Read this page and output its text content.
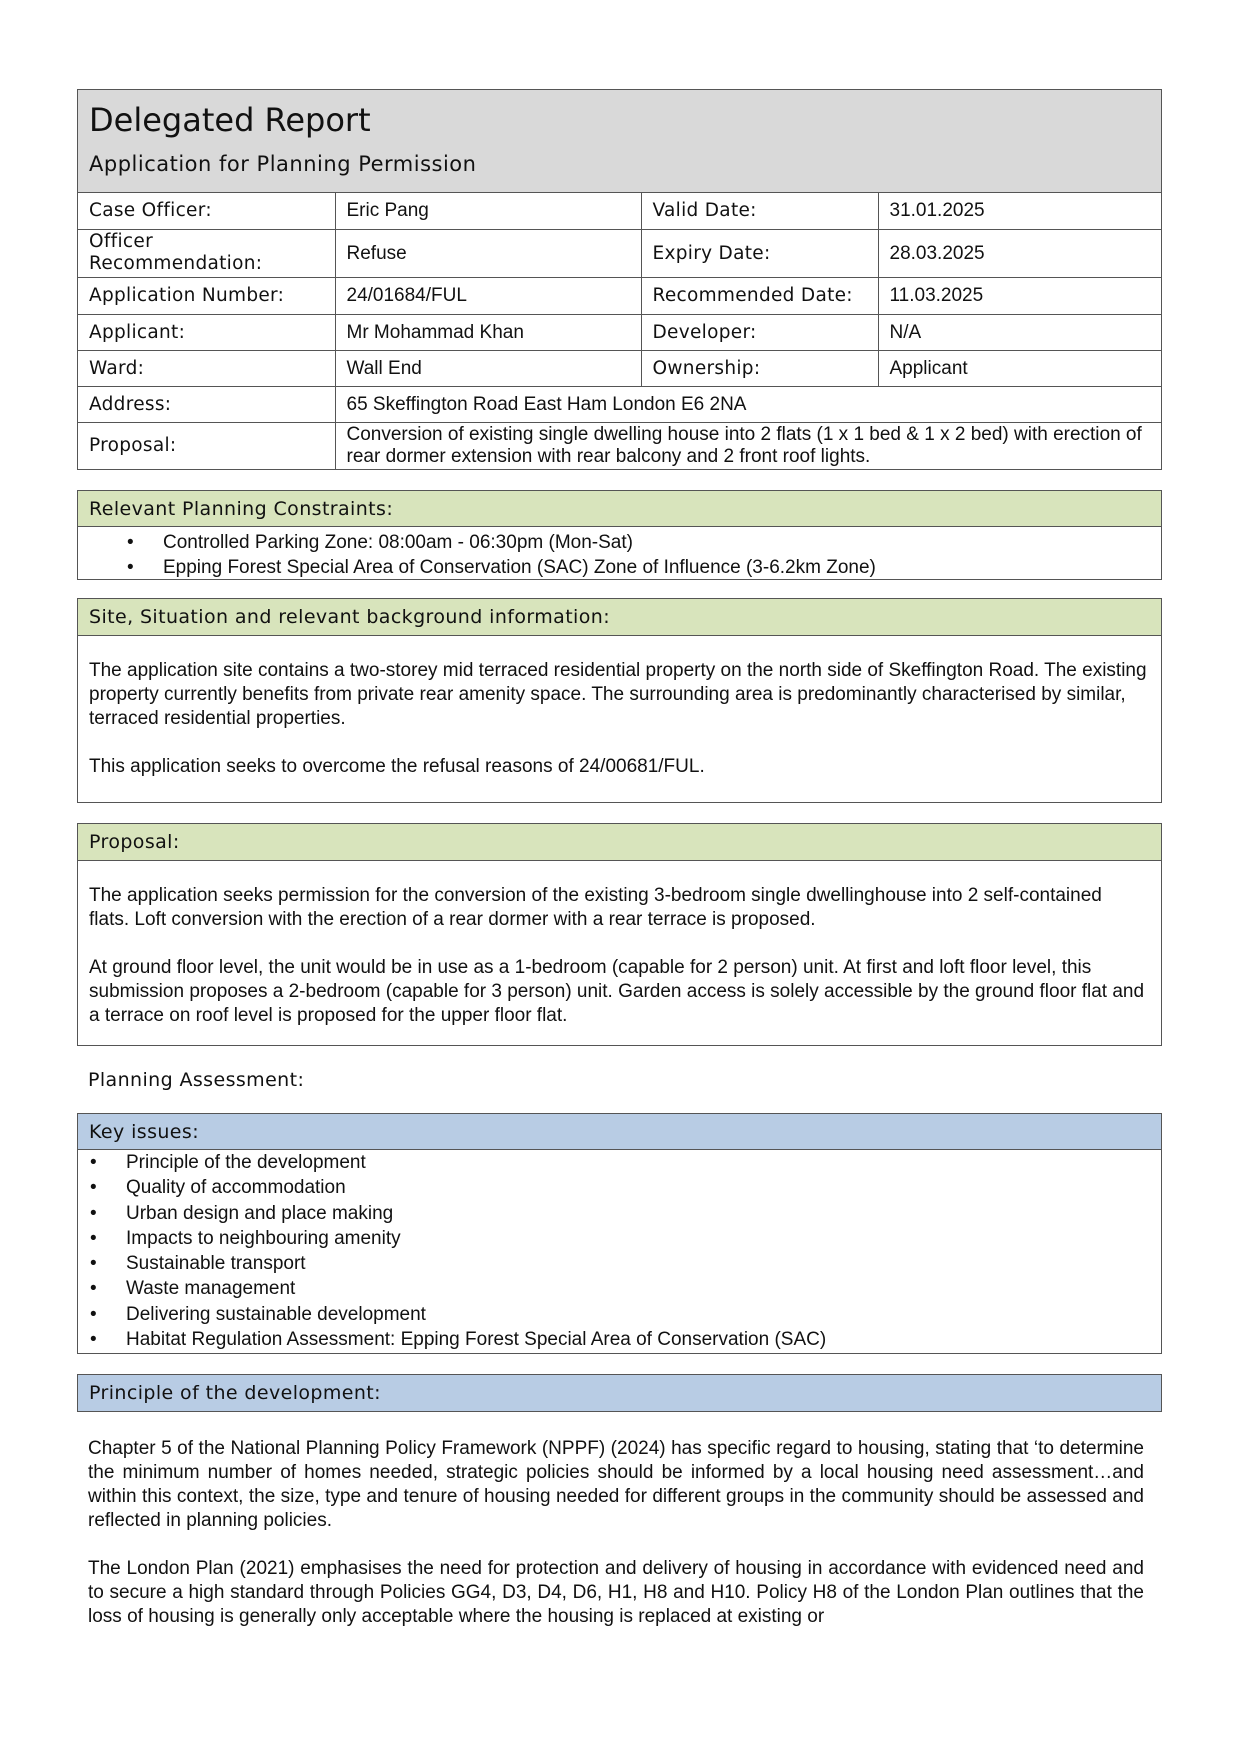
Delegated Report
Application for Planning Permission
Case Officer:	Eric Pang	Valid Date:	31.01.2025
Officer Recommendation:	Refuse	Expiry Date:	28.03.2025
Application Number:	24/01684/FUL	Recommended Date:	11.03.2025
Applicant:	Mr Mohammad Khan	Developer:	N/A
Ward:	Wall End	Ownership:	Applicant
Address:	65 Skeffington Road East Ham London E6 2NA		
Proposal:	Conversion of existing single dwelling house into 2 flats (1 x 1 bed & 1 x 2 bed) with erection of rear dormer extension with rear balcony and 2 front roof lights.		
Relevant Planning Constraints:
• Controlled Parking Zone: 08:00am - 06:30pm (Mon-Sat)
• Epping Forest Special Area of Conservation (SAC) Zone of Influence (3-6.2km Zone)
Site, Situation and relevant background information:

The application site contains a two-storey mid terraced residential property on the north side of Skeffington Road. The existing property currently benefits from private rear amenity space. The surrounding area is predominantly characterised by similar, terraced residential properties.

This application seeks to overcome the refusal reasons of 24/00681/FUL.

Proposal:

The application seeks permission for the conversion of the existing 3-bedroom single dwellinghouse into 2 self-contained flats. Loft conversion with the erection of a rear dormer with a rear terrace is proposed.

At ground floor level, the unit would be in use as a 1-bedroom (capable for 2 person) unit. At first and loft floor level, this submission proposes a 2-bedroom (capable for 3 person) unit. Garden access is solely accessible by the ground floor flat and a terrace on roof level is proposed for the upper floor flat.

Planning Assessment:
Key issues:
• Principle of the development
• Quality of accommodation
• Urban design and place making
• Impacts to neighbouring amenity
• Sustainable transport
• Waste management
• Delivering sustainable development
• Habitat Regulation Assessment: Epping Forest Special Area of Conservation (SAC)
Principle of the development:

Chapter 5 of the National Planning Policy Framework (NPPF) (2024) has specific regard to housing, stating that ‘to determine the minimum number of homes needed, strategic policies should be informed by a local housing need assessment…and within this context, the size, type and tenure of housing needed for different groups in the community should be assessed and reflected in planning policies.

The London Plan (2021) emphasises the need for protection and delivery of housing in accordance with evidenced need and to secure a high standard through Policies GG4, D3, D4, D6, H1, H8 and H10. Policy H8 of the London Plan outlines that the loss of housing is generally only acceptable where the housing is replaced at existing or
